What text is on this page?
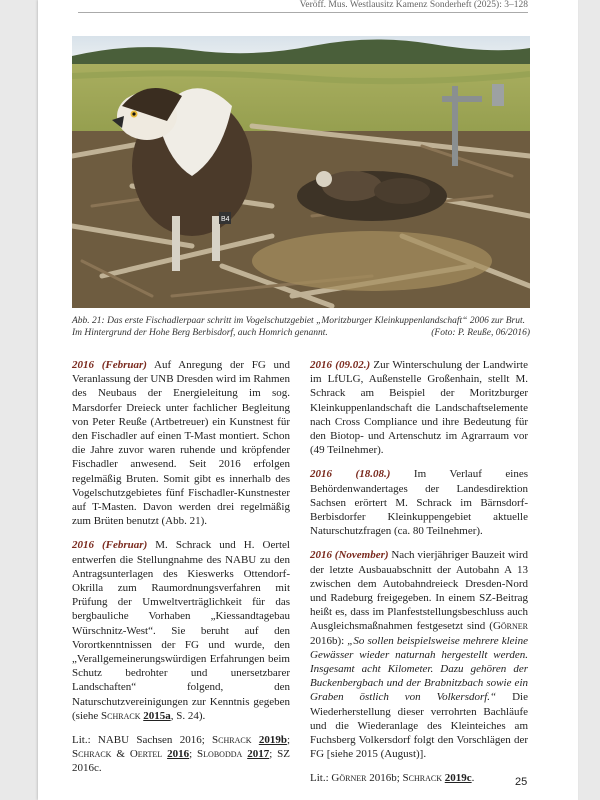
Veröff. Mus. Westlausitz Kamenz Sonderheft (2025): 3–128
B4
Abb. 21: Das erste Fischadlerpaar schritt im Vogelschutzgebiet „Moritzburger Kleinkuppenlandschaft“ 2006 zur Brut. Im Hintergrund der Hohe Berg Berbisdorf, auch Homrich genannt.	(Foto: P. Reuße, 06/2016)

2016 (Februar) Auf Anregung der FG und Veranlassung der UNB Dresden wird im Rahmen des Neubaus der Energieleitung im sog. Marsdorfer Dreieck unter fachlicher Begleitung von Peter Reuße (Artbetreuer) ein Kunstnest für den Fischadler auf einen T-Mast montiert. Schon die Jahre zuvor waren ruhende und kröpfender Fischadler anwesend. Seit 2016 erfolgen regelmäßig Bruten. Somit gibt es innerhalb des Vogelschutzgebietes fünf Fischadler-Kunstnester auf T-Masten. Davon werden drei regelmäßig zum Brüten benutzt (Abb. 21).

2016 (Februar) M. Schrack und H. Oertel entwerfen die Stellungnahme des NABU zu den Antragsunterlagen des Kieswerks Ottendorf-Okrilla zum Raumordnungsverfahren mit Prüfung der Umweltverträglichkeit für das bergbauliche Vorhaben „Kiessandtagebau Würschnitz-West“. Sie beruht auf den Vorortkenntnissen der FG und wurde, den „Verallgemeinerungswürdigen Erfahrungen beim Schutz bedrohter und unersetzbarer Landschaften“ folgend, den Naturschutzvereinigungen zur Kenntnis gegeben (siehe Schrack 2015a, S. 24).

Lit.: NABU Sachsen 2016; Schrack 2019b; Schrack & Oertel 2016; Slobodda 2017; SZ 2016c.

2016 (09.02.) Zur Winterschulung der Landwirte im LfULG, Außenstelle Großenhain, stellt M. Schrack am Beispiel der Moritzburger Kleinkuppenlandschaft die Landschaftselemente nach Cross Compliance und ihre Bedeutung für den Biotop- und Artenschutz im Agrarraum vor (49 Teilnehmer).

2016 (18.08.) Im Verlauf eines Behördenwandertages der Landesdirektion Sachsen erörtert M. Schrack im Bärnsdorf-Berbisdorfer Kleinkuppengebiet aktuelle Naturschutzfragen (ca. 80 Teilnehmer).

2016 (November) Nach vierjähriger Bauzeit wird der letzte Ausbauabschnitt der Autobahn A 13 zwischen dem Autobahndreieck Dresden-Nord und Radeburg freigegeben. In einem SZ-Beitrag heißt es, dass im Planfeststellungsbeschluss auch Ausgleichsmaßnahmen festgesetzt sind (Görner 2016b): „So sollen beispielsweise mehrere kleine Gewässer wieder naturnah hergestellt werden. Insgesamt acht Kilometer. Dazu gehören der Buckenbergbach und der Brabnitzbach sowie ein Graben östlich von Volkersdorf.“ Die Wiederherstellung dieser verrohrten Bachläufe und die Wiederanlage des Kleinteiches am Fuchsberg Volkersdorf folgt den Vorschlägen der FG [siehe 2015 (August)].

Lit.: Görner 2016b; Schrack 2019c.	25
